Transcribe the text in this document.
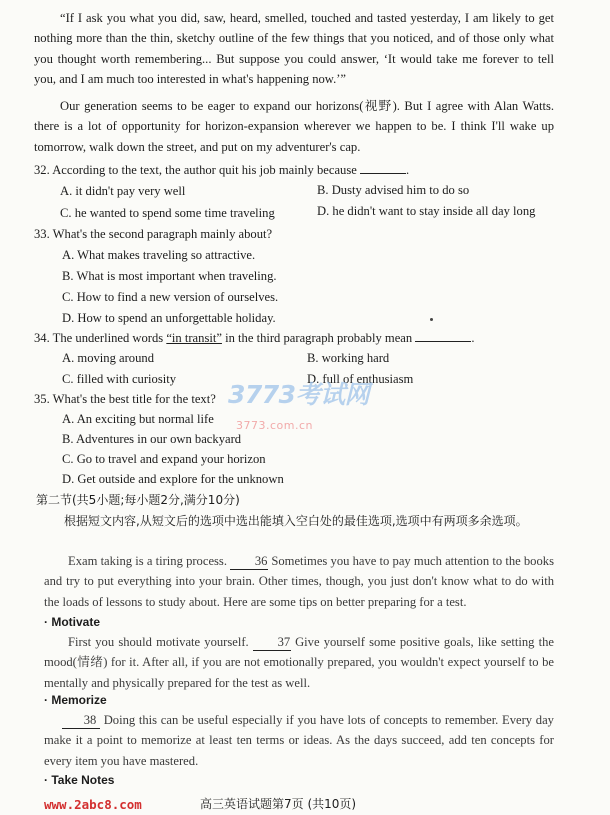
“If I ask you what you did, saw, heard, smelled, touched and tasted yesterday, I am likely to get nothing more than the thin, sketchy outline of the few things that you noticed, and of those only what you thought worth remembering... But suppose you could answer, ‘It would take me forever to tell you, and I am much too interested in what's happening now.’”
Our generation seems to be eager to expand our horizons(视野). But I agree with Alan Watts. there is a lot of opportunity for horizon-expansion wherever we happen to be. I think I'll wake up tomorrow, walk down the street, and put on my adventurer's cap.
32. According to the text, the author quit his job mainly because	.
A. it didn't pay very well	B. Dusty advised him to do so
C. he wanted to spend some time traveling	D. he didn't want to stay inside all day long
33. What's the second paragraph mainly about?
A. What makes traveling so attractive.
B. What is most important when traveling.
C. How to find a new version of ourselves.
D. How to spend an unforgettable holiday.
34. The underlined words “in transit” in the third paragraph probably mean	.
A. moving around	B. working hard
C. filled with curiosity	D. full of enthusiasm
35. What's the best title for the text?
A. An exciting but normal life
B. Adventures in our own backyard
C. Go to travel and expand your horizon
D. Get outside and explore for the unknown
3773考试网
3773.com.cn
第二节(共5小题;每小题2分,满分10分)
根据短文内容,从短文后的选项中选出能填入空白处的最佳选项,选项中有两项多余选项。
Exam taking is a tiring process. 36 Sometimes you have to pay much attention to the books and try to put everything into your brain. Other times, though, you just don't know what to do with the loads of lessons to study about. Here are some tips on better preparing for a test.
· Motivate
First you should motivate yourself. 37 Give yourself some positive goals, like setting the mood(情绪) for it. After all, if you are not emotionally prepared, you wouldn't expect yourself to be mentally and physically prepared for the test as well.
· Memorize
38 Doing this can be useful especially if you have lots of concepts to remember. Every day make it a point to memorize at least ten terms or ideas. As the days succeed, add ten concepts for every item you have mastered.
· Take Notes
www.2abc8.com	高三英语试题第7页 (共10页)
